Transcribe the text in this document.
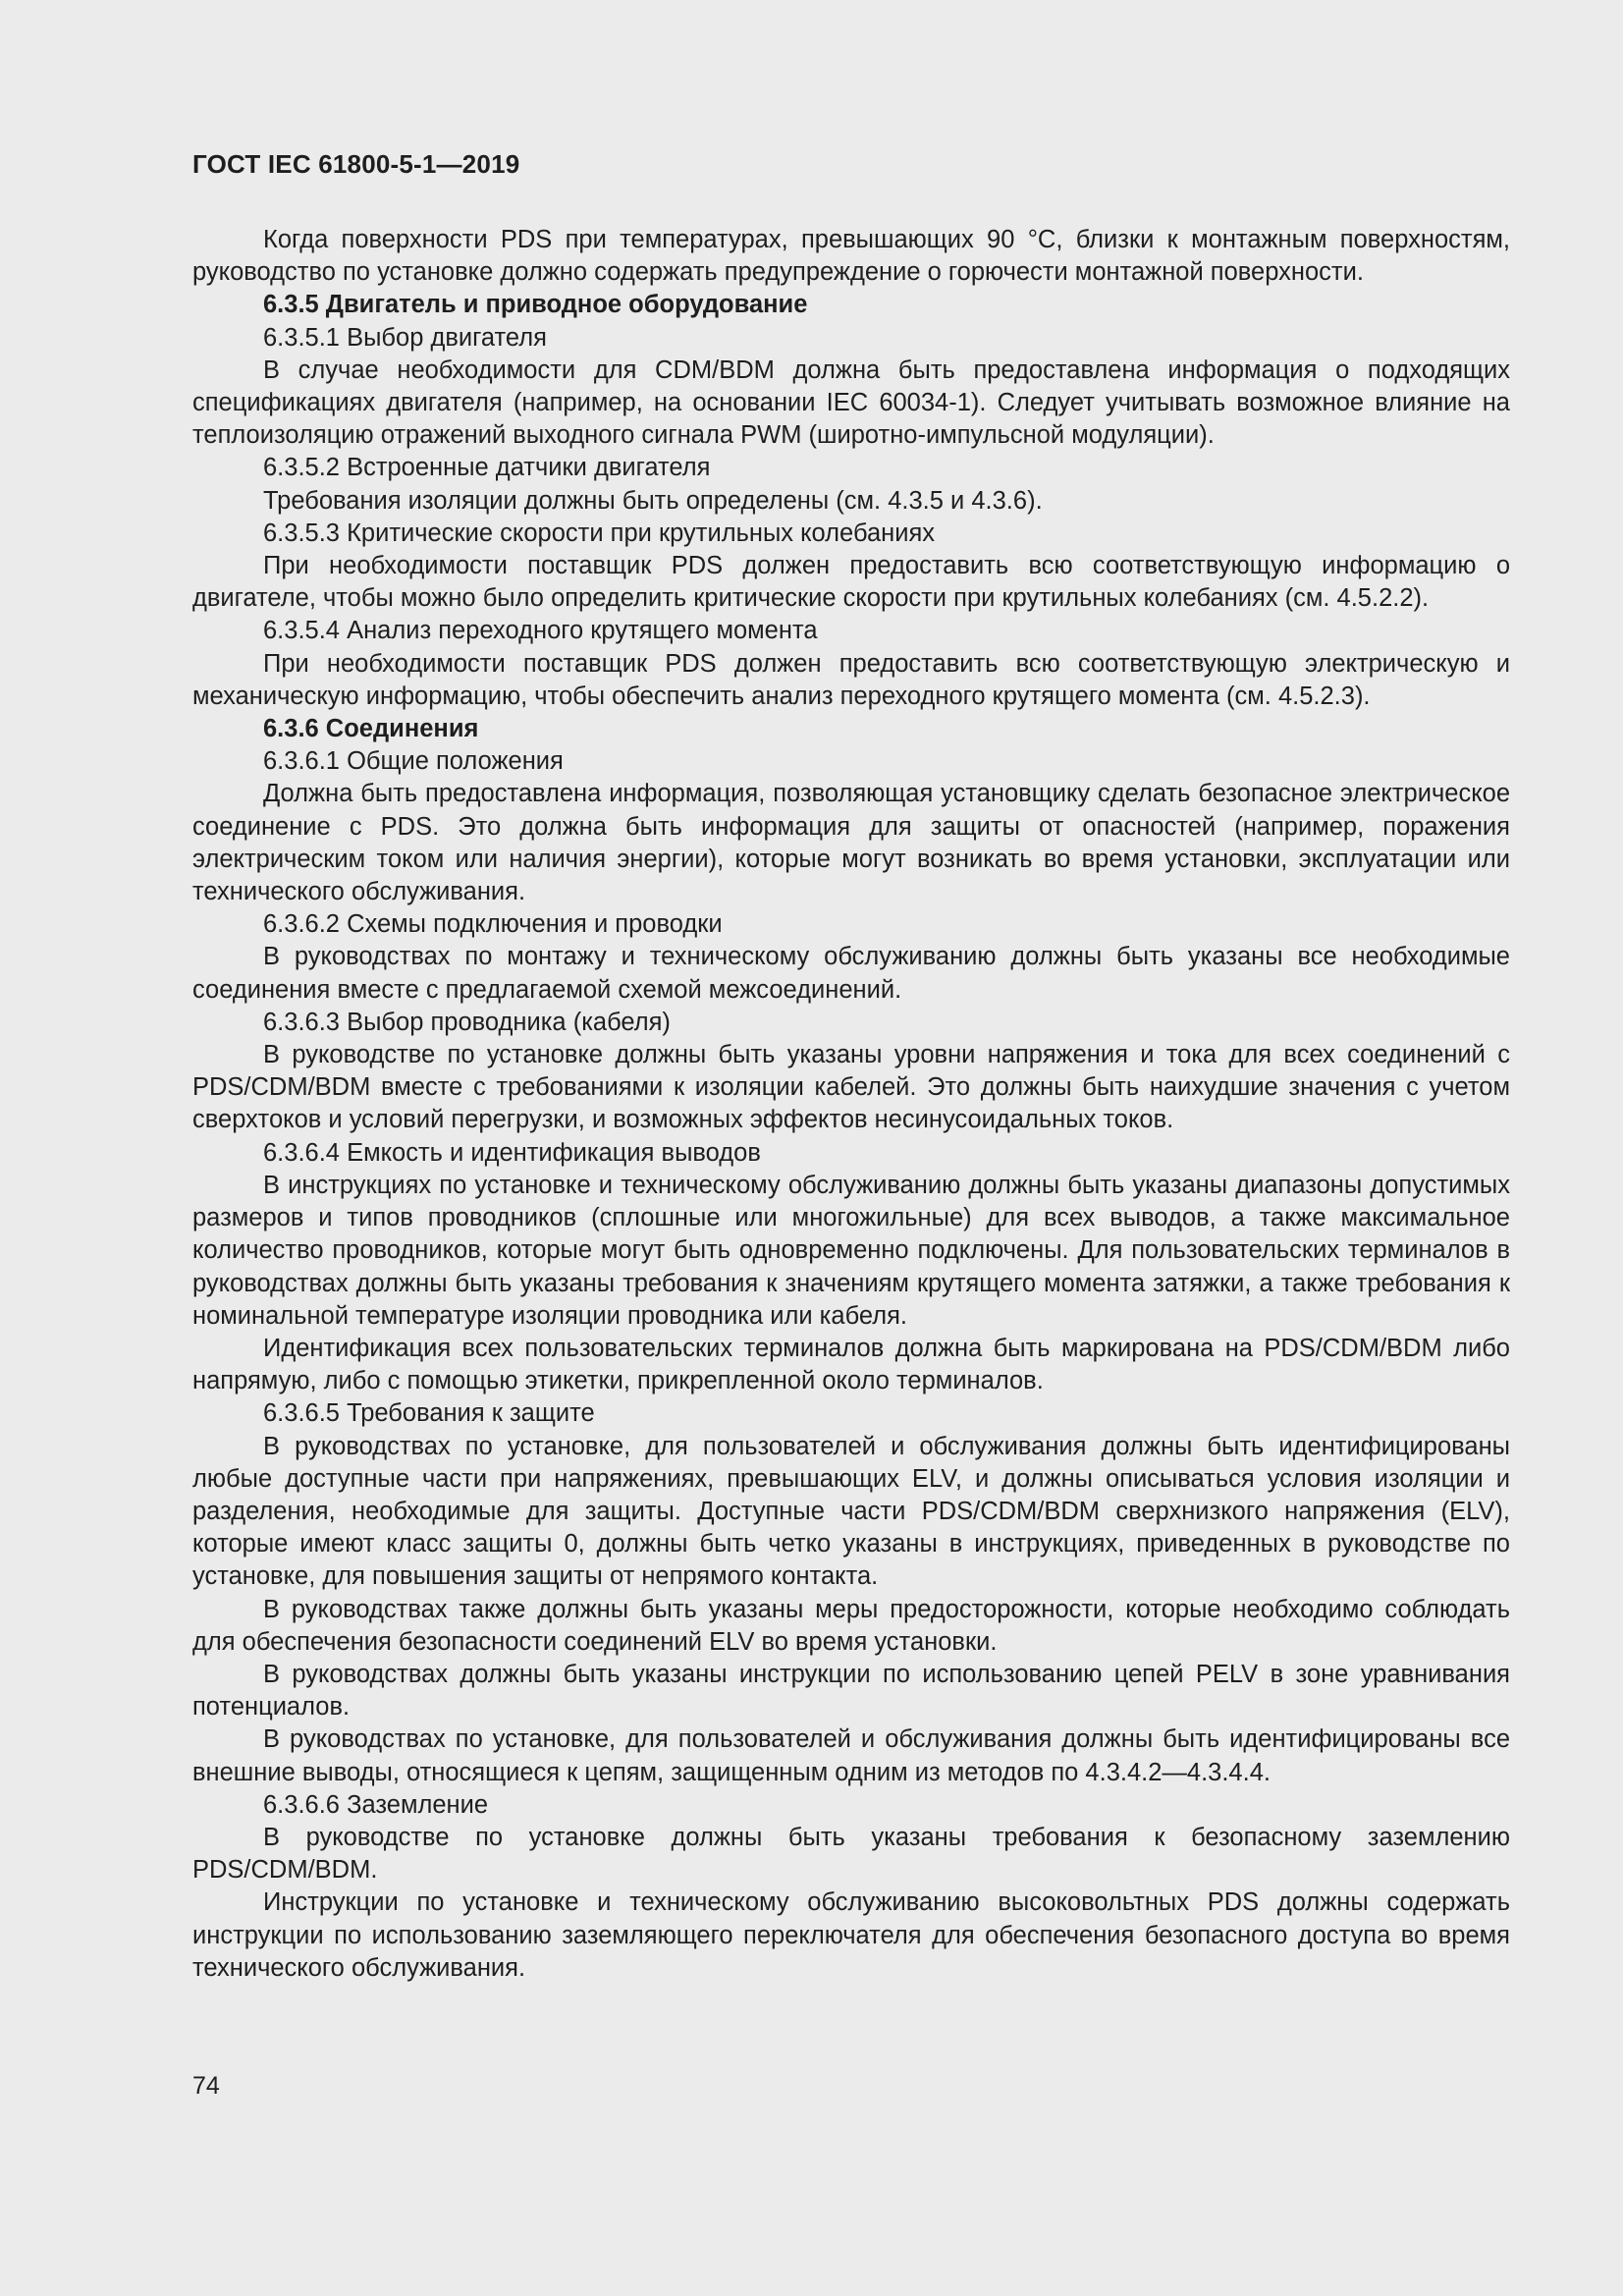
ГОСТ IEC 61800-5-1—2019

Когда поверхности PDS при температурах, превышающих 90 °С, близки к монтажным поверхностям, руководство по установке должно содержать предупреждение о горючести монтажной поверхности.

6.3.5 Двигатель и приводное оборудование

6.3.5.1 Выбор двигателя

В случае необходимости для CDM/BDM должна быть предоставлена информация о подходящих спецификациях двигателя (например, на основании IEC 60034-1). Следует учитывать возможное влияние на теплоизоляцию отражений выходного сигнала PWM (широтно-импульсной модуляции).

6.3.5.2 Встроенные датчики двигателя

Требования изоляции должны быть определены (см. 4.3.5 и 4.3.6).

6.3.5.3 Критические скорости при крутильных колебаниях

При необходимости поставщик PDS должен предоставить всю соответствующую информацию о двигателе, чтобы можно было определить критические скорости при крутильных колебаниях (см. 4.5.2.2).

6.3.5.4 Анализ переходного крутящего момента

При необходимости поставщик PDS должен предоставить всю соответствующую электрическую и механическую информацию, чтобы обеспечить анализ переходного крутящего момента (см. 4.5.2.3).

6.3.6 Соединения

6.3.6.1 Общие положения

Должна быть предоставлена информация, позволяющая установщику сделать безопасное электрическое соединение с PDS. Это должна быть информация для защиты от опасностей (например, поражения электрическим током или наличия энергии), которые могут возникать во время установки, эксплуатации или технического обслуживания.

6.3.6.2 Схемы подключения и проводки

В руководствах по монтажу и техническому обслуживанию должны быть указаны все необходимые соединения вместе с предлагаемой схемой межсоединений.

6.3.6.3 Выбор проводника (кабеля)

В руководстве по установке должны быть указаны уровни напряжения и тока для всех соединений с PDS/CDM/BDM вместе с требованиями к изоляции кабелей. Это должны быть наихудшие значения с учетом сверхтоков и условий перегрузки, и возможных эффектов несинусоидальных токов.

6.3.6.4 Емкость и идентификация выводов

В инструкциях по установке и техническому обслуживанию должны быть указаны диапазоны допустимых размеров и типов проводников (сплошные или многожильные) для всех выводов, а также максимальное количество проводников, которые могут быть одновременно подключены. Для пользовательских терминалов в руководствах должны быть указаны требования к значениям крутящего момента затяжки, а также требования к номинальной температуре изоляции проводника или кабеля.

Идентификация всех пользовательских терминалов должна быть маркирована на PDS/CDM/BDM либо напрямую, либо с помощью этикетки, прикрепленной около терминалов.

6.3.6.5 Требования к защите

В руководствах по установке, для пользователей и обслуживания должны быть идентифицированы любые доступные части при напряжениях, превышающих ELV, и должны описываться условия изоляции и разделения, необходимые для защиты. Доступные части PDS/CDM/BDM сверхнизкого напряжения (ELV), которые имеют класс защиты 0, должны быть четко указаны в инструкциях, приведенных в руководстве по установке, для повышения защиты от непрямого контакта.

В руководствах также должны быть указаны меры предосторожности, которые необходимо соблюдать для обеспечения безопасности соединений ELV во время установки.

В руководствах должны быть указаны инструкции по использованию цепей PELV в зоне уравнивания потенциалов.

В руководствах по установке, для пользователей и обслуживания должны быть идентифицированы все внешние выводы, относящиеся к цепям, защищенным одним из методов по 4.3.4.2—4.3.4.4.

6.3.6.6 Заземление

В руководстве по установке должны быть указаны требования к безопасному заземлению PDS/CDM/BDM.

Инструкции по установке и техническому обслуживанию высоковольтных PDS должны содержать инструкции по использованию заземляющего переключателя для обеспечения безопасного доступа во время технического обслуживания.

74
